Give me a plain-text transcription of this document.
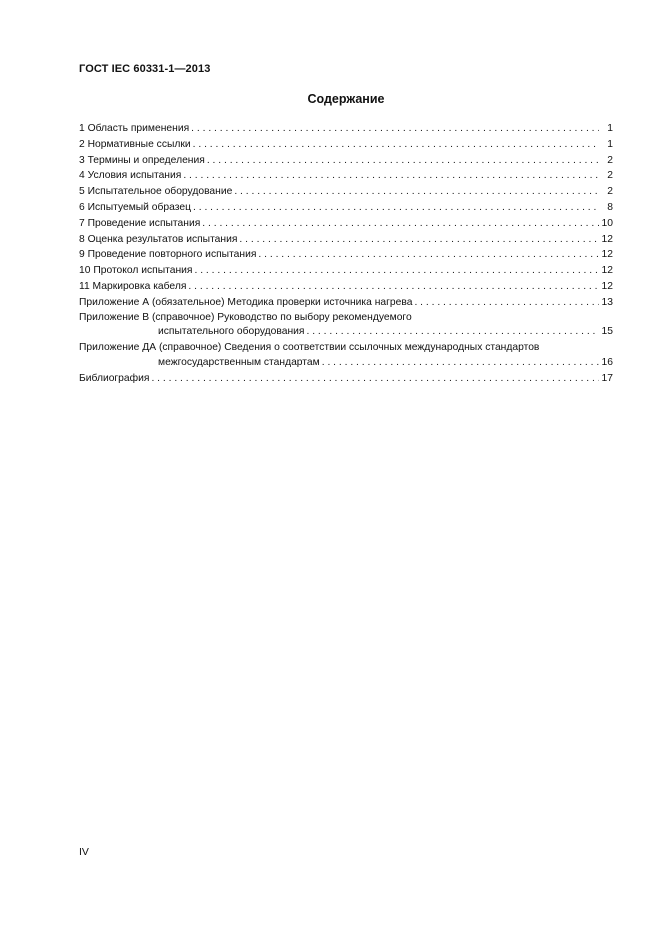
ГОСТ IEC 60331-1—2013
Содержание
1 Область применения . . .	1
2 Нормативные ссылки . . .	1
3 Термины и определения . . .	2
4 Условия испытания . . .	2
5 Испытательное оборудование . . .	2
6 Испытуемый образец . . .	8
7 Проведение испытания . . .	10
8 Оценка результатов испытания . . .	12
9 Проведение повторного испытания . . .	12
10 Протокол испытания . . .	12
11 Маркировка кабеля . . .	12
Приложение А (обязательное) Методика проверки источника нагрева . . .	13
Приложение В (справочное) Руководство по выбору рекомендуемого
испытательного оборудования . . .	15
Приложение ДА (справочное) Сведения о соответствии ссылочных международных стандартов
межгосударственным стандартам . . .	16
Библиография . . .	17
IV
